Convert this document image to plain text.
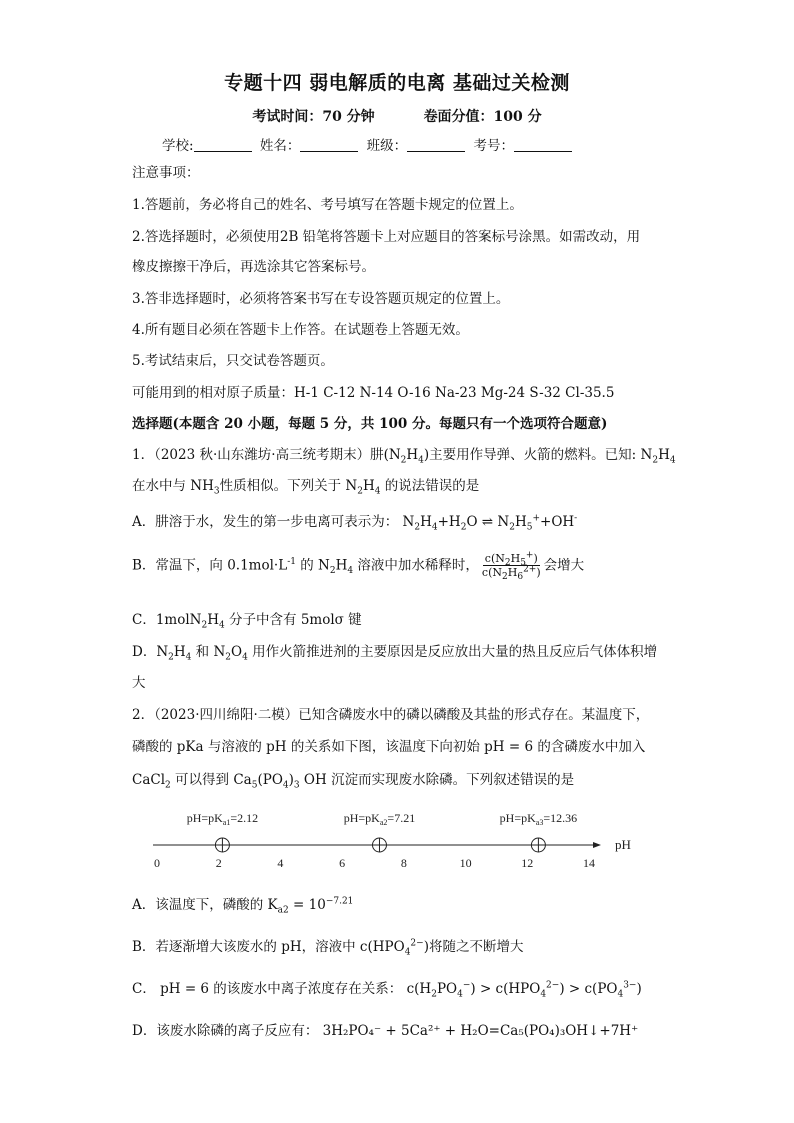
专题十四 弱电解质的电离 基础过关检测
考试时间：70 分钟	卷面分值：100 分
学校:	姓名：	班级：	考号：
注意事项：
1.答题前，务必将自己的姓名、考号填写在答题卡规定的位置上。
2.答选择题时，必须使用2B 铅笔将答题卡上对应题目的答案标号涂黑。如需改动，用
橡皮擦擦干净后，再选涂其它答案标号。
3.答非选择题时，必须将答案书写在专设答题页规定的位置上。
4.所有题目必须在答题卡上作答。在试题卷上答题无效。
5.考试结束后，只交试卷答题页。
可能用到的相对原子质量：H-1 C-12 N-14 O-16 Na-23 Mg-24 S-32 Cl-35.5
选择题(本题含 20 小题，每题 5 分，共 100 分。每题只有一个选项符合题意)
1．（2023 秋·山东潍坊·高三统考期末）肼$(N_2H_4)$主要用作导弹、火箭的燃料。已知: $N_2H_4$
在水中与 $NH_3$性质相似。下列关于 $N_2H_4$ 的说法错误的是
A．肼溶于水，发生的第一步电离可表示为： $N_2H_4+H_2O$ ⇌ $N_2H_5^++OH^-$
B．常温下，向 $0.1mol\cdot L^{-1}$ 的 $N_2H_4$ 溶液中加水稀释时， $c(N_2H_5^+)$
$c(N_2H_6^{2+})$ 会增大
C．$1molN_2H_4$ 分子中含有 5molσ 键
D．$N_2H_4$ 和 $N_2O_4$ 用作火箭推进剂的主要原因是反应放出大量的热且反应后气体体积增
大
2．（2023·四川绵阳·二模）已知含磷废水中的磷以磷酸及其盐的形式存在。某温度下，
磷酸的 pKa 与溶液的 pH 的关系如下图，该温度下向初始 pH = 6 的含磷废水中加入
CaCl$_2$ 可以得到 $Ca_5(PO_4)_3$ OH 沉淀而实现废水除磷。下列叙述错误的是
pH
0	2	4	6	8	10	12	14
$pH=pK_{a1}=2.12$	$pH=pK_{a2}=7.21$	$pH=pK_{a3}=12.36$
A．该温度下，磷酸的 $K_{a2} = 10^{-7.21}$
B．若逐渐增大该废水的 pH，溶液中 $c(HPO_4^{2-})$将随之不断增大
C． pH = 6 的该废水中离子浓度存在关系： $c(H_2PO_4^-) > c(HPO_4^{2-}) > c(PO_4^{3-})$
D．该废水除磷的离子反应有： 3H₂PO₄⁻ + 5Ca²⁺ + H₂O=Ca₅(PO₄)₃OH↓+7H⁺
